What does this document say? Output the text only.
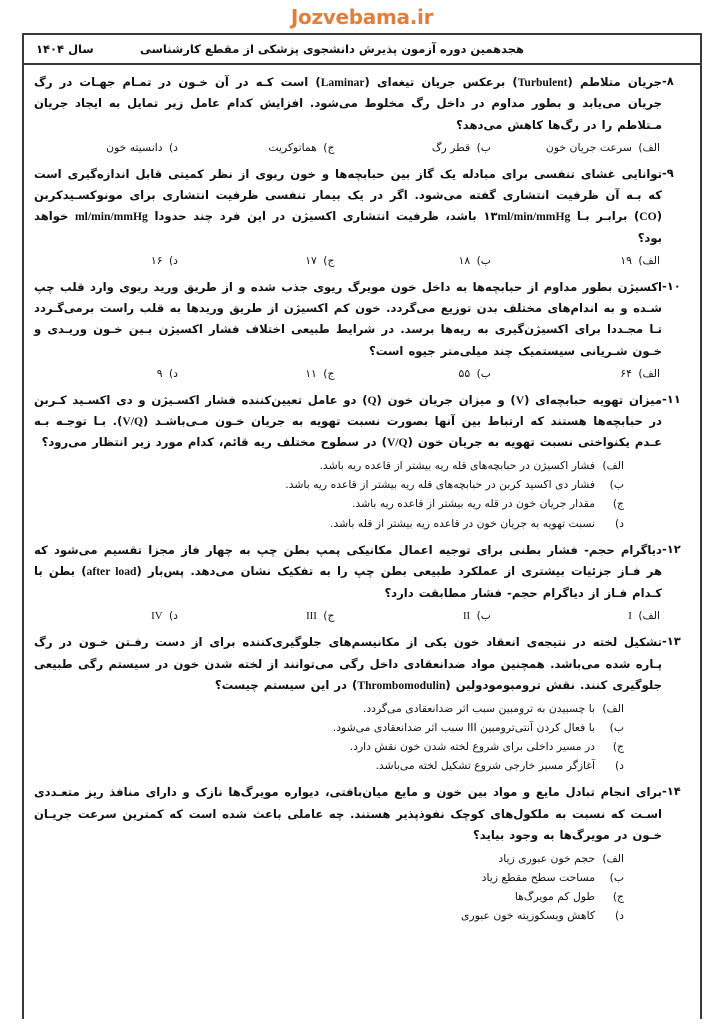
Jozvebama.ir
هجدهمین دوره آزمون پذیرش دانشجوی پزشکی از مقطع کارشناسی
سال ۱۴۰۴
۸-
جریان متلاطم (Turbulent) برعکس جریان تیغه‌ای (Laminar) است کـه در آن خـون در تمـام جهـات در رگ جریان می‌یابد و بطور مداوم در داخل رگ مخلوط می‌شود. افزایش کدام عامل زیر تمایل به ایجاد جریان مـتلاطم را در رگ‌ها کاهش می‌دهد؟
الف) سرعت جریان خون
ب) قطر رگ
ج) هماتوکریت
د) دانسیته خون
۹-
توانایی غشای تنفسی برای مبادله یک گاز بین حبابچه‌ها و خون ریوی از نظر کمیتی قابل اندازه‌گیری است که بـه آن ظرفیت انتشاری گفته می‌شود. اگر در یک بیمار تنفسی ظرفیت انتشاری برای مونوکسـیدکربن (CO) برابـر بـا ۱۳ml/min/mmHg باشد، ظرفیت انتشاری اکسیژن در این فرد چند حدودا ml/min/mmHg خواهد بود؟
الف) ۱۹
ب) ۱۸
ج) ۱۷
د) ۱۶
۱۰-
اکسیژن بطور مداوم از حبابچه‌ها به داخل خون مویرگ ریوی جذب شده و از طریق ورید ریوی وارد قلب چپ شـده و به اندام‌های مختلف بدن توزیع می‌گردد. خون کم اکسیژن از طریق وریدها به قلب راست برمی‌گـردد تـا مجـددا برای اکسیژن‌گیری به ریه‌ها برسد. در شرایط طبیعی اختلاف فشار اکسیژن بـین خـون وریـدی و خـون شـریانی سیستمیک چند میلی‌متر جیوه است؟
الف) ۶۴
ب) ۵۵
ج) ۱۱
د) ۹
۱۱-
میزان تهویه حبابچه‌ای (V) و میزان جریان خون (Q) دو عامل تعیین‌کننده فشار اکسـیژن و دی اکسـید کـربن در حبابچه‌ها هستند که ارتباط بین آنها بصورت نسبت تهویه به جریان خـون مـی‌باشـد (V/Q). بـا توجـه بـه عـدم یکنواختی نسبت تهویه به جریان خون (V/Q) در سطوح مختلف ریه قائم، کدام مورد زیر انتظار می‌رود؟
الف)
فشار اکسیژن در حبابچه‌های قله ریه بیشتر از قاعده ریه باشد.
ب)
فشار دی اکسید کربن در حبابچه‌های قله ریه بیشتر از قاعده ریه باشد.
ج)
مقدار جریان خون در قله ریه بیشتر از قاعده ریه باشد.
د)
نسبت تهویه به جریان خون در قاعده ریه بیشتر از قله باشد.
۱۲-
دیاگرام حجم- فشار بطنی برای توجیه اعمال مکانیکی پمپ بطن چپ به چهار فاز مجزا تقسیم می‌شود که هر فـاز جزئیات بیشتری از عملکرد طبیعی بطن چپ را به تفکیک نشان می‌دهد. پس‌بار (after load) بطن با کـدام فـاز از دیاگرام حجم- فشار مطابقت دارد؟
الف) I
ب) II
ج) III
د) IV
۱۳-
تشکیل لخته در نتیجه‌ی انعقاد خون یکی از مکانیسم‌های جلوگیری‌کننده برای از دست رفـتن خـون در رگ پـاره شده می‌باشد. همچنین مواد ضدانعقادی داخل رگی می‌توانند از لخته شدن خون در سیستم رگی طبیعی جلوگیری کنند. نقش ترومبومودولین (Thrombomodulin) در این سیستم چیست؟
الف)
با چسبیدن به ترومبین سبب اثر ضدانعقادی می‌گردد.
ب)
با فعال کردن آنتی‌ترومبین III سبب اثر ضدانعقادی می‌شود.
ج)
در مسیر داخلی برای شروع لخته شدن خون نقش دارد.
د)
آغازگر مسیر خارجی شروع تشکیل لخته می‌باشد.
۱۴-
برای انجام تبادل مایع و مواد بین خون و مایع میان‌بافتی، دیواره مویرگ‌ها نازک و دارای منافذ ریز متعـددی اسـت که نسبت به ملکول‌های کوچک نفوذپذیر هستند. چه عاملی باعث شده است که کمترین سرعت جریـان خـون در مویرگ‌ها به وجود بیاید؟
الف)
حجم خون عبوری زیاد
ب)
مساحت سطح مقطع زیاد
ج)
طول کم مویرگ‌ها
د)
کاهش ویسکوزیته خون عبوری
